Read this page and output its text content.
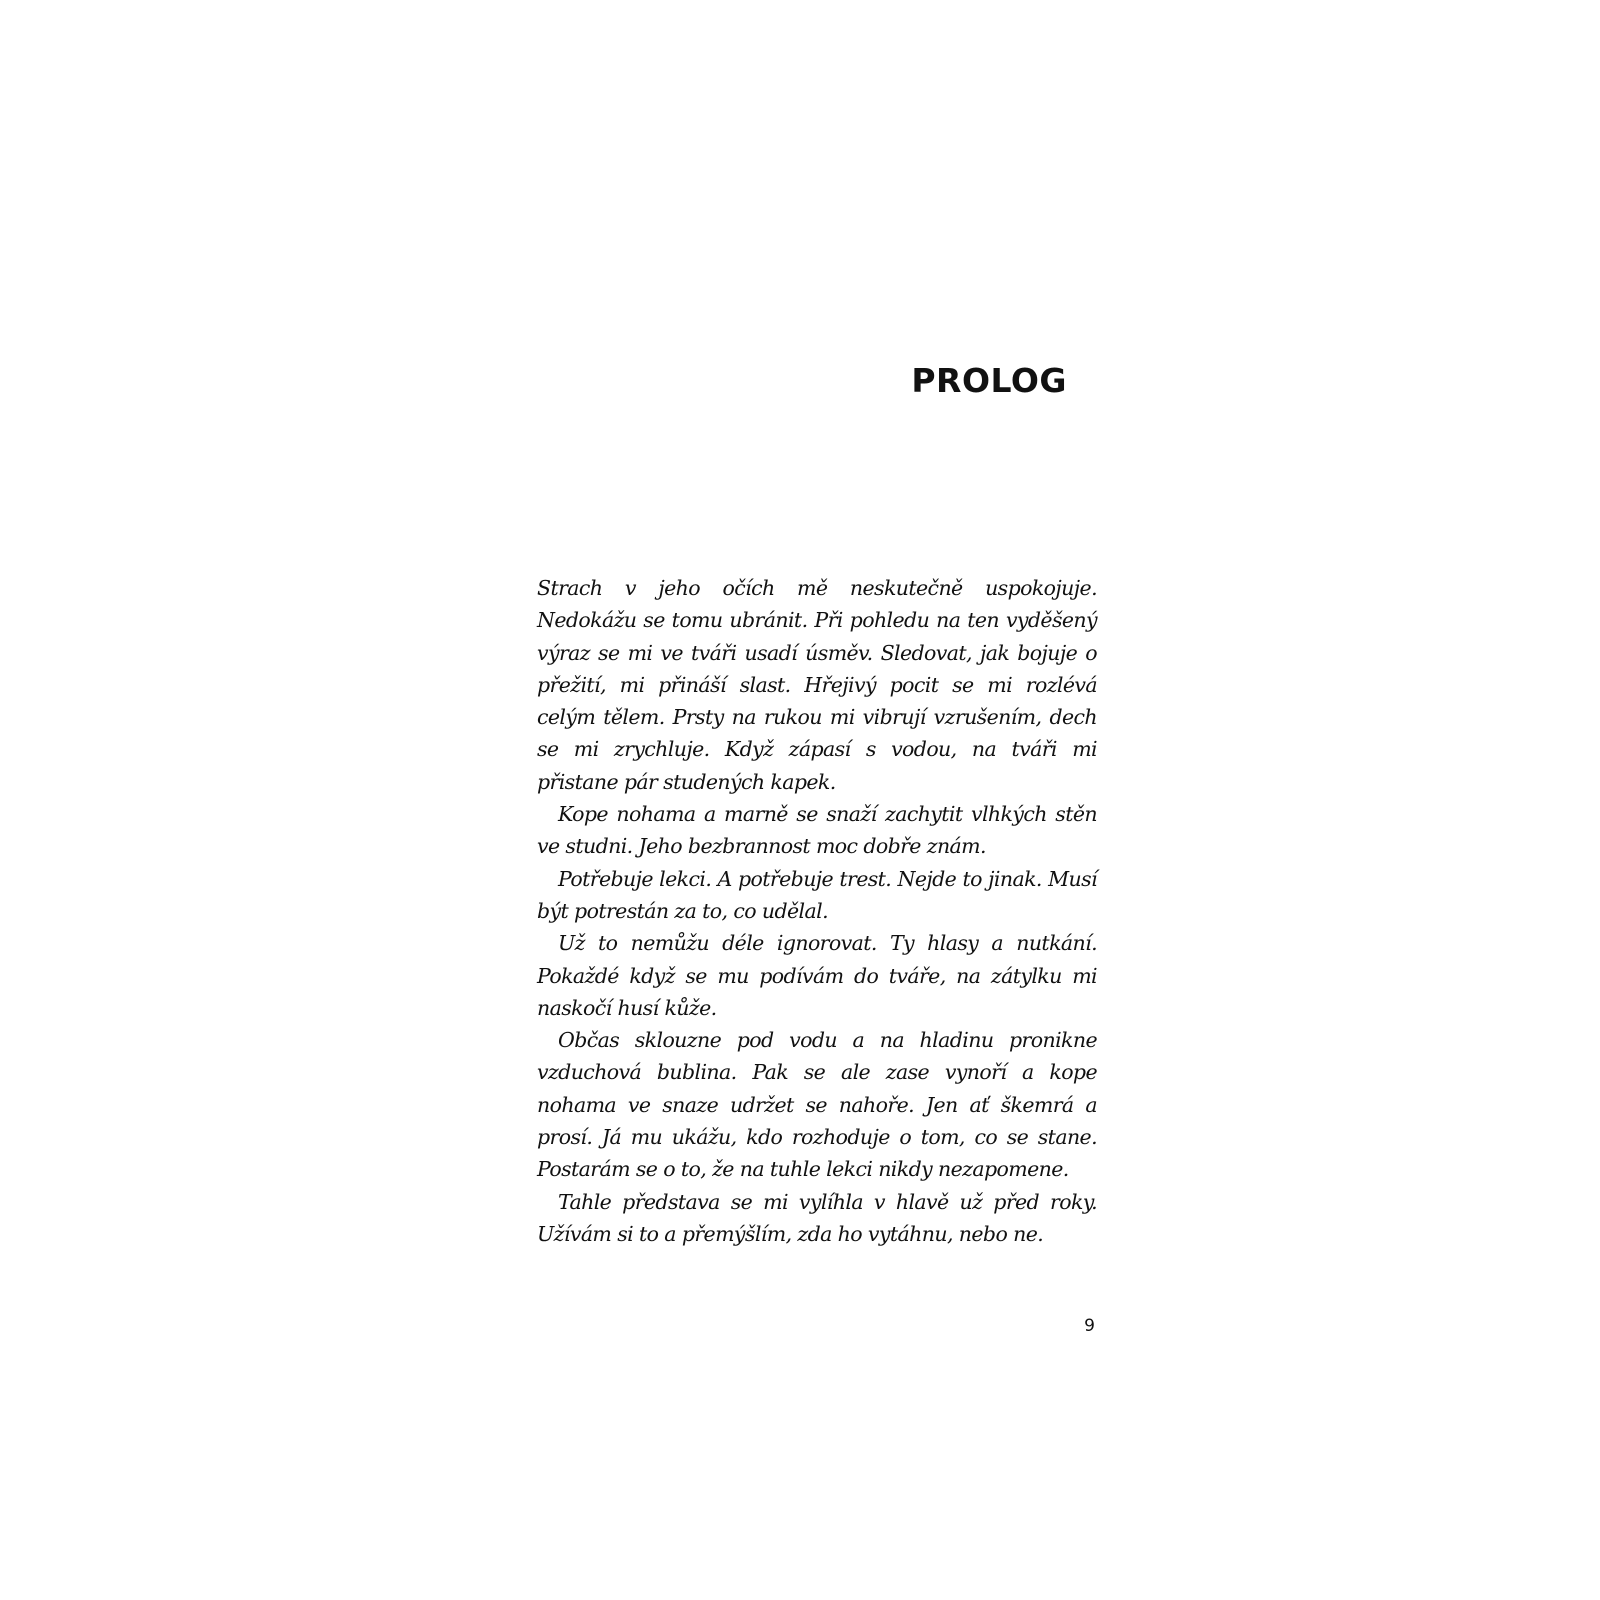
PROLOG

Strach v jeho očích mě neskutečně uspokojuje. Nedokážu se tomu ubránit. Při pohledu na ten vyděšený výraz se mi ve tváři usadí úsměv. Sledovat, jak bojuje o přežití, mi přináší slast. Hřejivý pocit se mi rozlévá celým tělem. Prsty na rukou mi vibrují vzrušením, dech se mi zrychluje. Když zápasí s vodou, na tváři mi přistane pár studených kapek.

Kope nohama a marně se snaží zachytit vlhkých stěn ve studni. Jeho bezbrannost moc dobře znám.

Potřebuje lekci. A potřebuje trest. Nejde to jinak. Musí být potrestán za to, co udělal.

Už to nemůžu déle ignorovat. Ty hlasy a nutkání. Pokaždé když se mu podívám do tváře, na zátylku mi naskočí husí kůže.

Občas sklouzne pod vodu a na hladinu pronikne vzduchová bublina. Pak se ale zase vynoří a kope nohama ve snaze udržet se nahoře. Jen ať škemrá a prosí. Já mu ukážu, kdo rozhoduje o tom, co se stane. Postarám se o to, že na tuhle lekci nikdy nezapomene.

Tahle představa se mi vylíhla v hlavě už před roky. Užívám si to a přemýšlím, zda ho vytáhnu, nebo ne.

9
